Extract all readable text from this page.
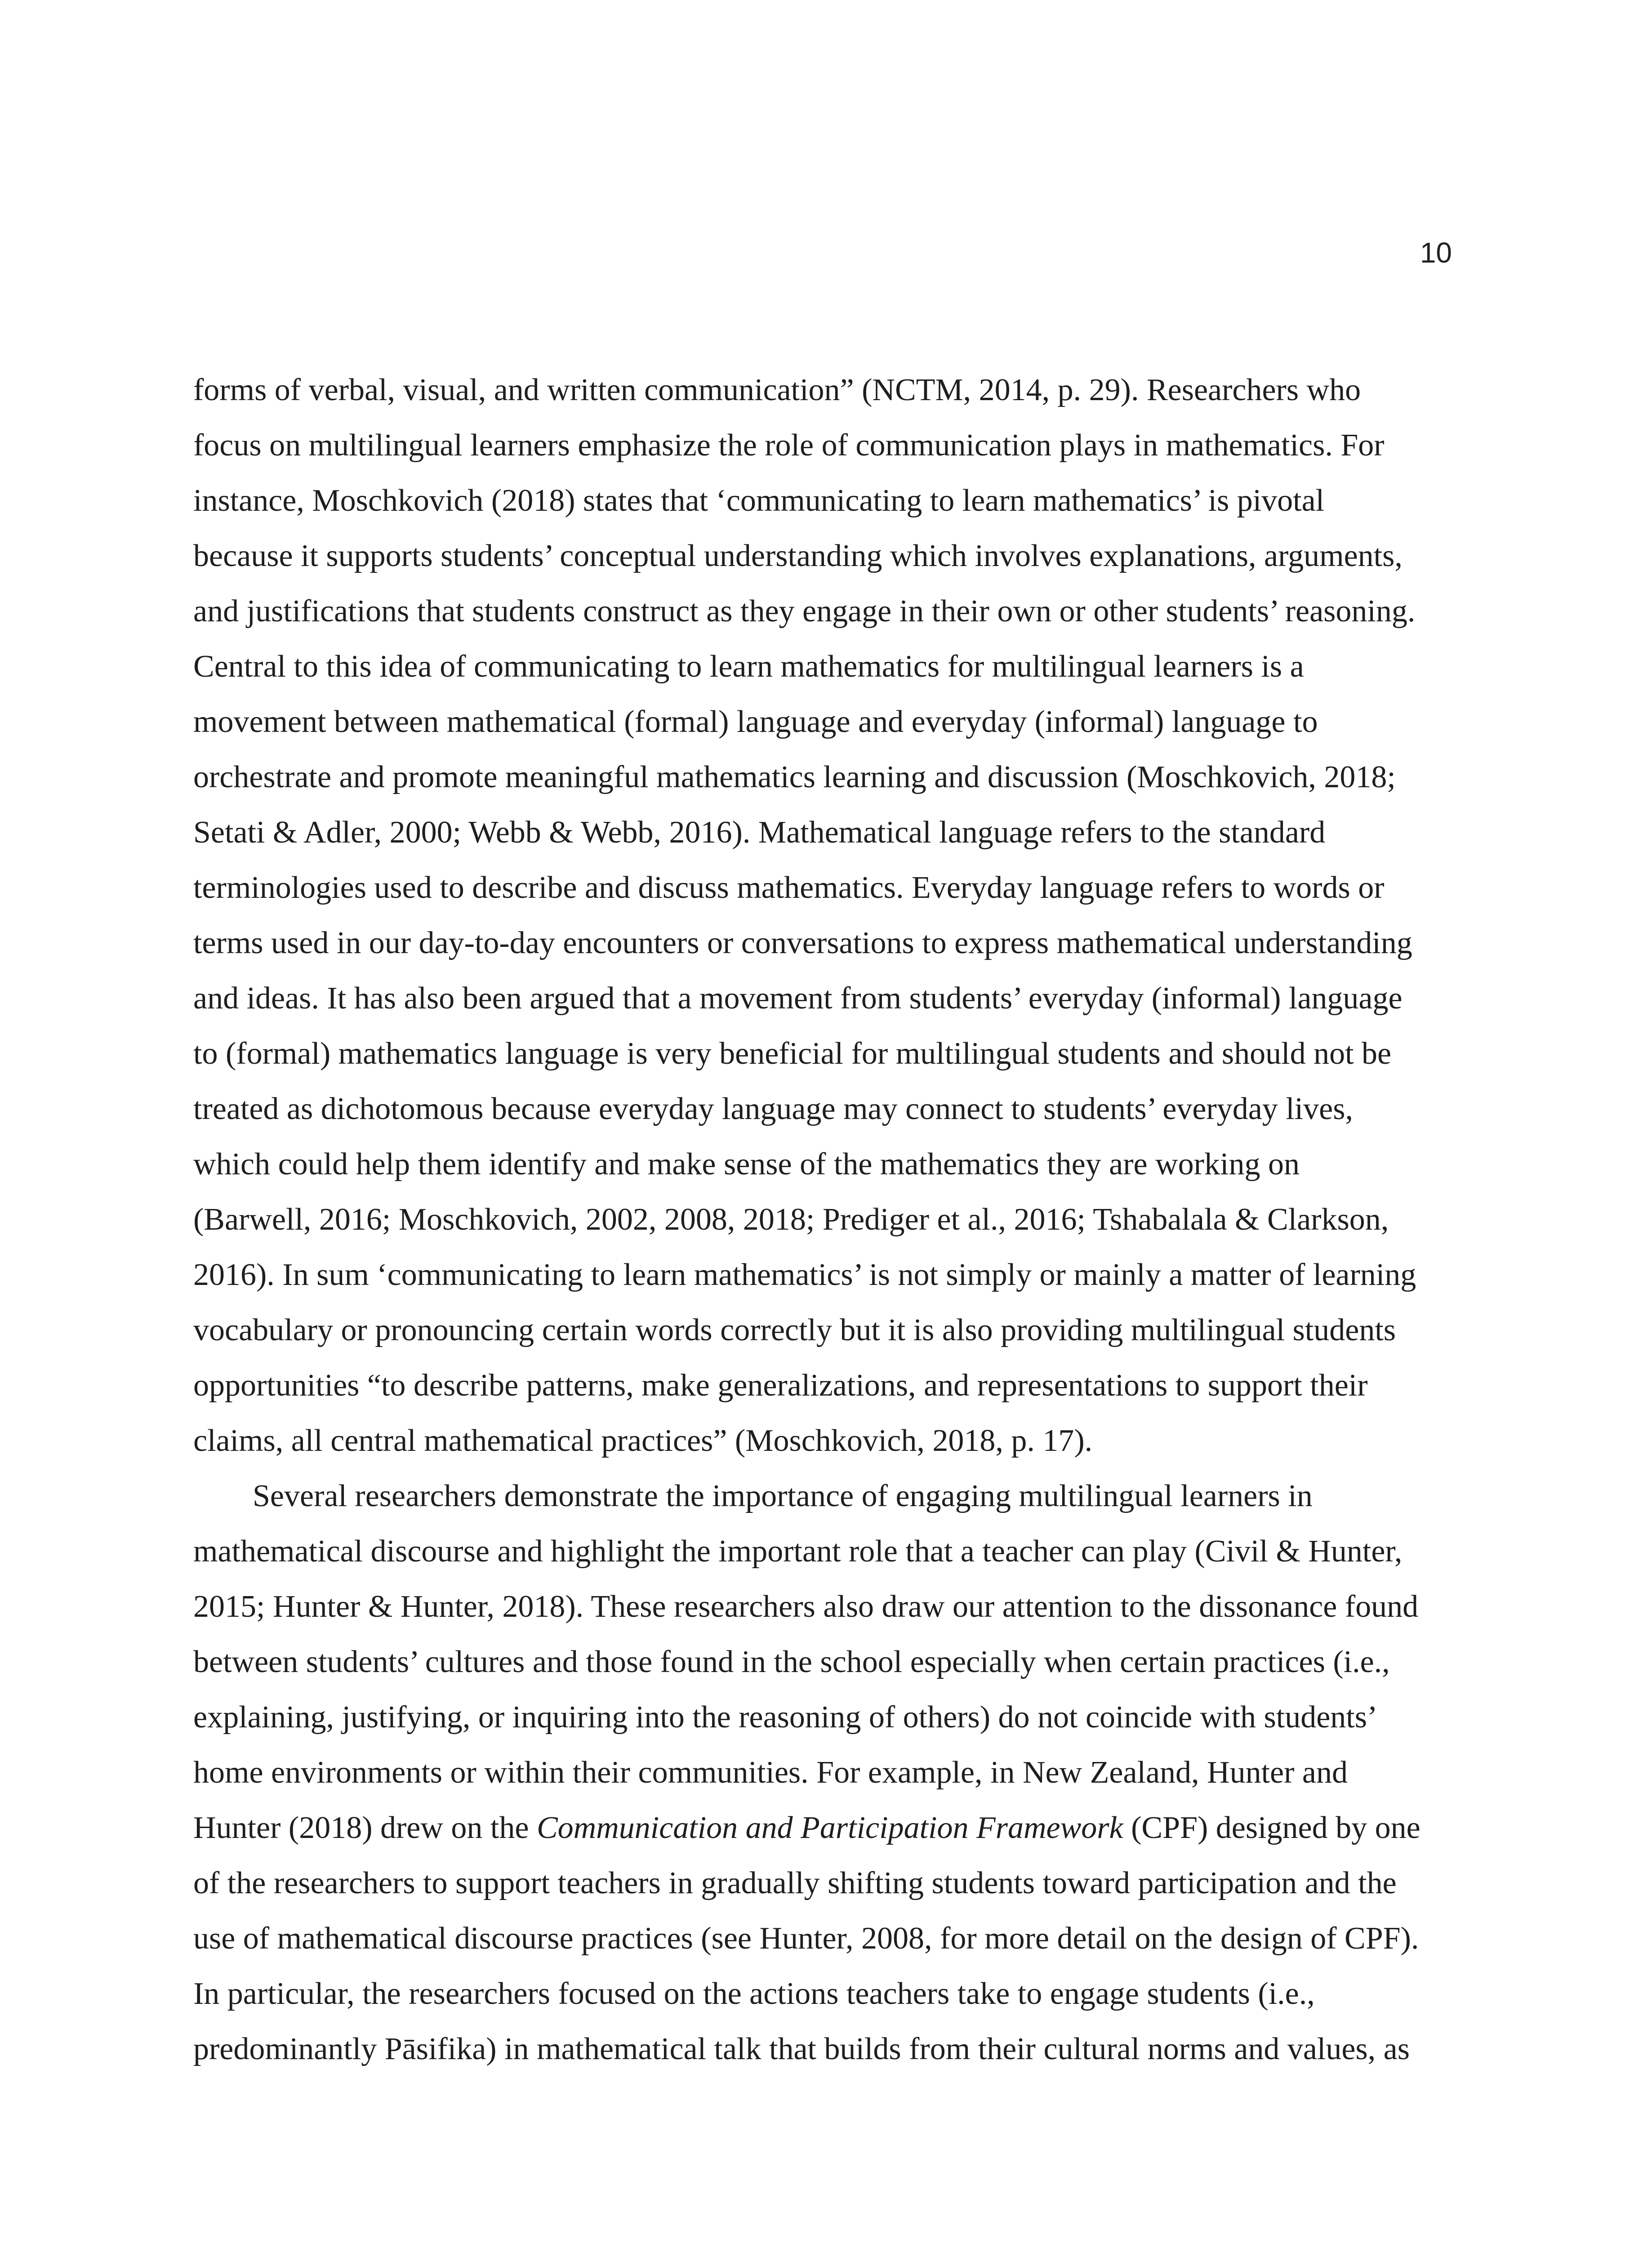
10

forms of verbal, visual, and written communication” (NCTM, 2014, p. 29). Researchers who
focus on multilingual learners emphasize the role of communication plays in mathematics. For
instance, Moschkovich (2018) states that ‘communicating to learn mathematics’ is pivotal
because it supports students’ conceptual understanding which involves explanations, arguments,
and justifications that students construct as they engage in their own or other students’ reasoning.
Central to this idea of communicating to learn mathematics for multilingual learners is a
movement between mathematical (formal) language and everyday (informal) language to
orchestrate and promote meaningful mathematics learning and discussion (Moschkovich, 2018;
Setati & Adler, 2000; Webb & Webb, 2016). Mathematical language refers to the standard
terminologies used to describe and discuss mathematics. Everyday language refers to words or
terms used in our day-to-day encounters or conversations to express mathematical understanding
and ideas. It has also been argued that a movement from students’ everyday (informal) language
to (formal) mathematics language is very beneficial for multilingual students and should not be
treated as dichotomous because everyday language may connect to students’ everyday lives,
which could help them identify and make sense of the mathematics they are working on
(Barwell, 2016; Moschkovich, 2002, 2008, 2018; Prediger et al., 2016; Tshabalala & Clarkson,
2016). In sum ‘communicating to learn mathematics’ is not simply or mainly a matter of learning
vocabulary or pronouncing certain words correctly but it is also providing multilingual students
opportunities “to describe patterns, make generalizations, and representations to support their
claims, all central mathematical practices” (Moschkovich, 2018, p. 17).

Several researchers demonstrate the importance of engaging multilingual learners in
mathematical discourse and highlight the important role that a teacher can play (Civil & Hunter,
2015; Hunter & Hunter, 2018). These researchers also draw our attention to the dissonance found
between students’ cultures and those found in the school especially when certain practices (i.e.,
explaining, justifying, or inquiring into the reasoning of others) do not coincide with students’
home environments or within their communities. For example, in New Zealand, Hunter and
Hunter (2018) drew on the Communication and Participation Framework (CPF) designed by one
of the researchers to support teachers in gradually shifting students toward participation and the
use of mathematical discourse practices (see Hunter, 2008, for more detail on the design of CPF).
In particular, the researchers focused on the actions teachers take to engage students (i.e.,
predominantly Pāsifika) in mathematical talk that builds from their cultural norms and values, as
